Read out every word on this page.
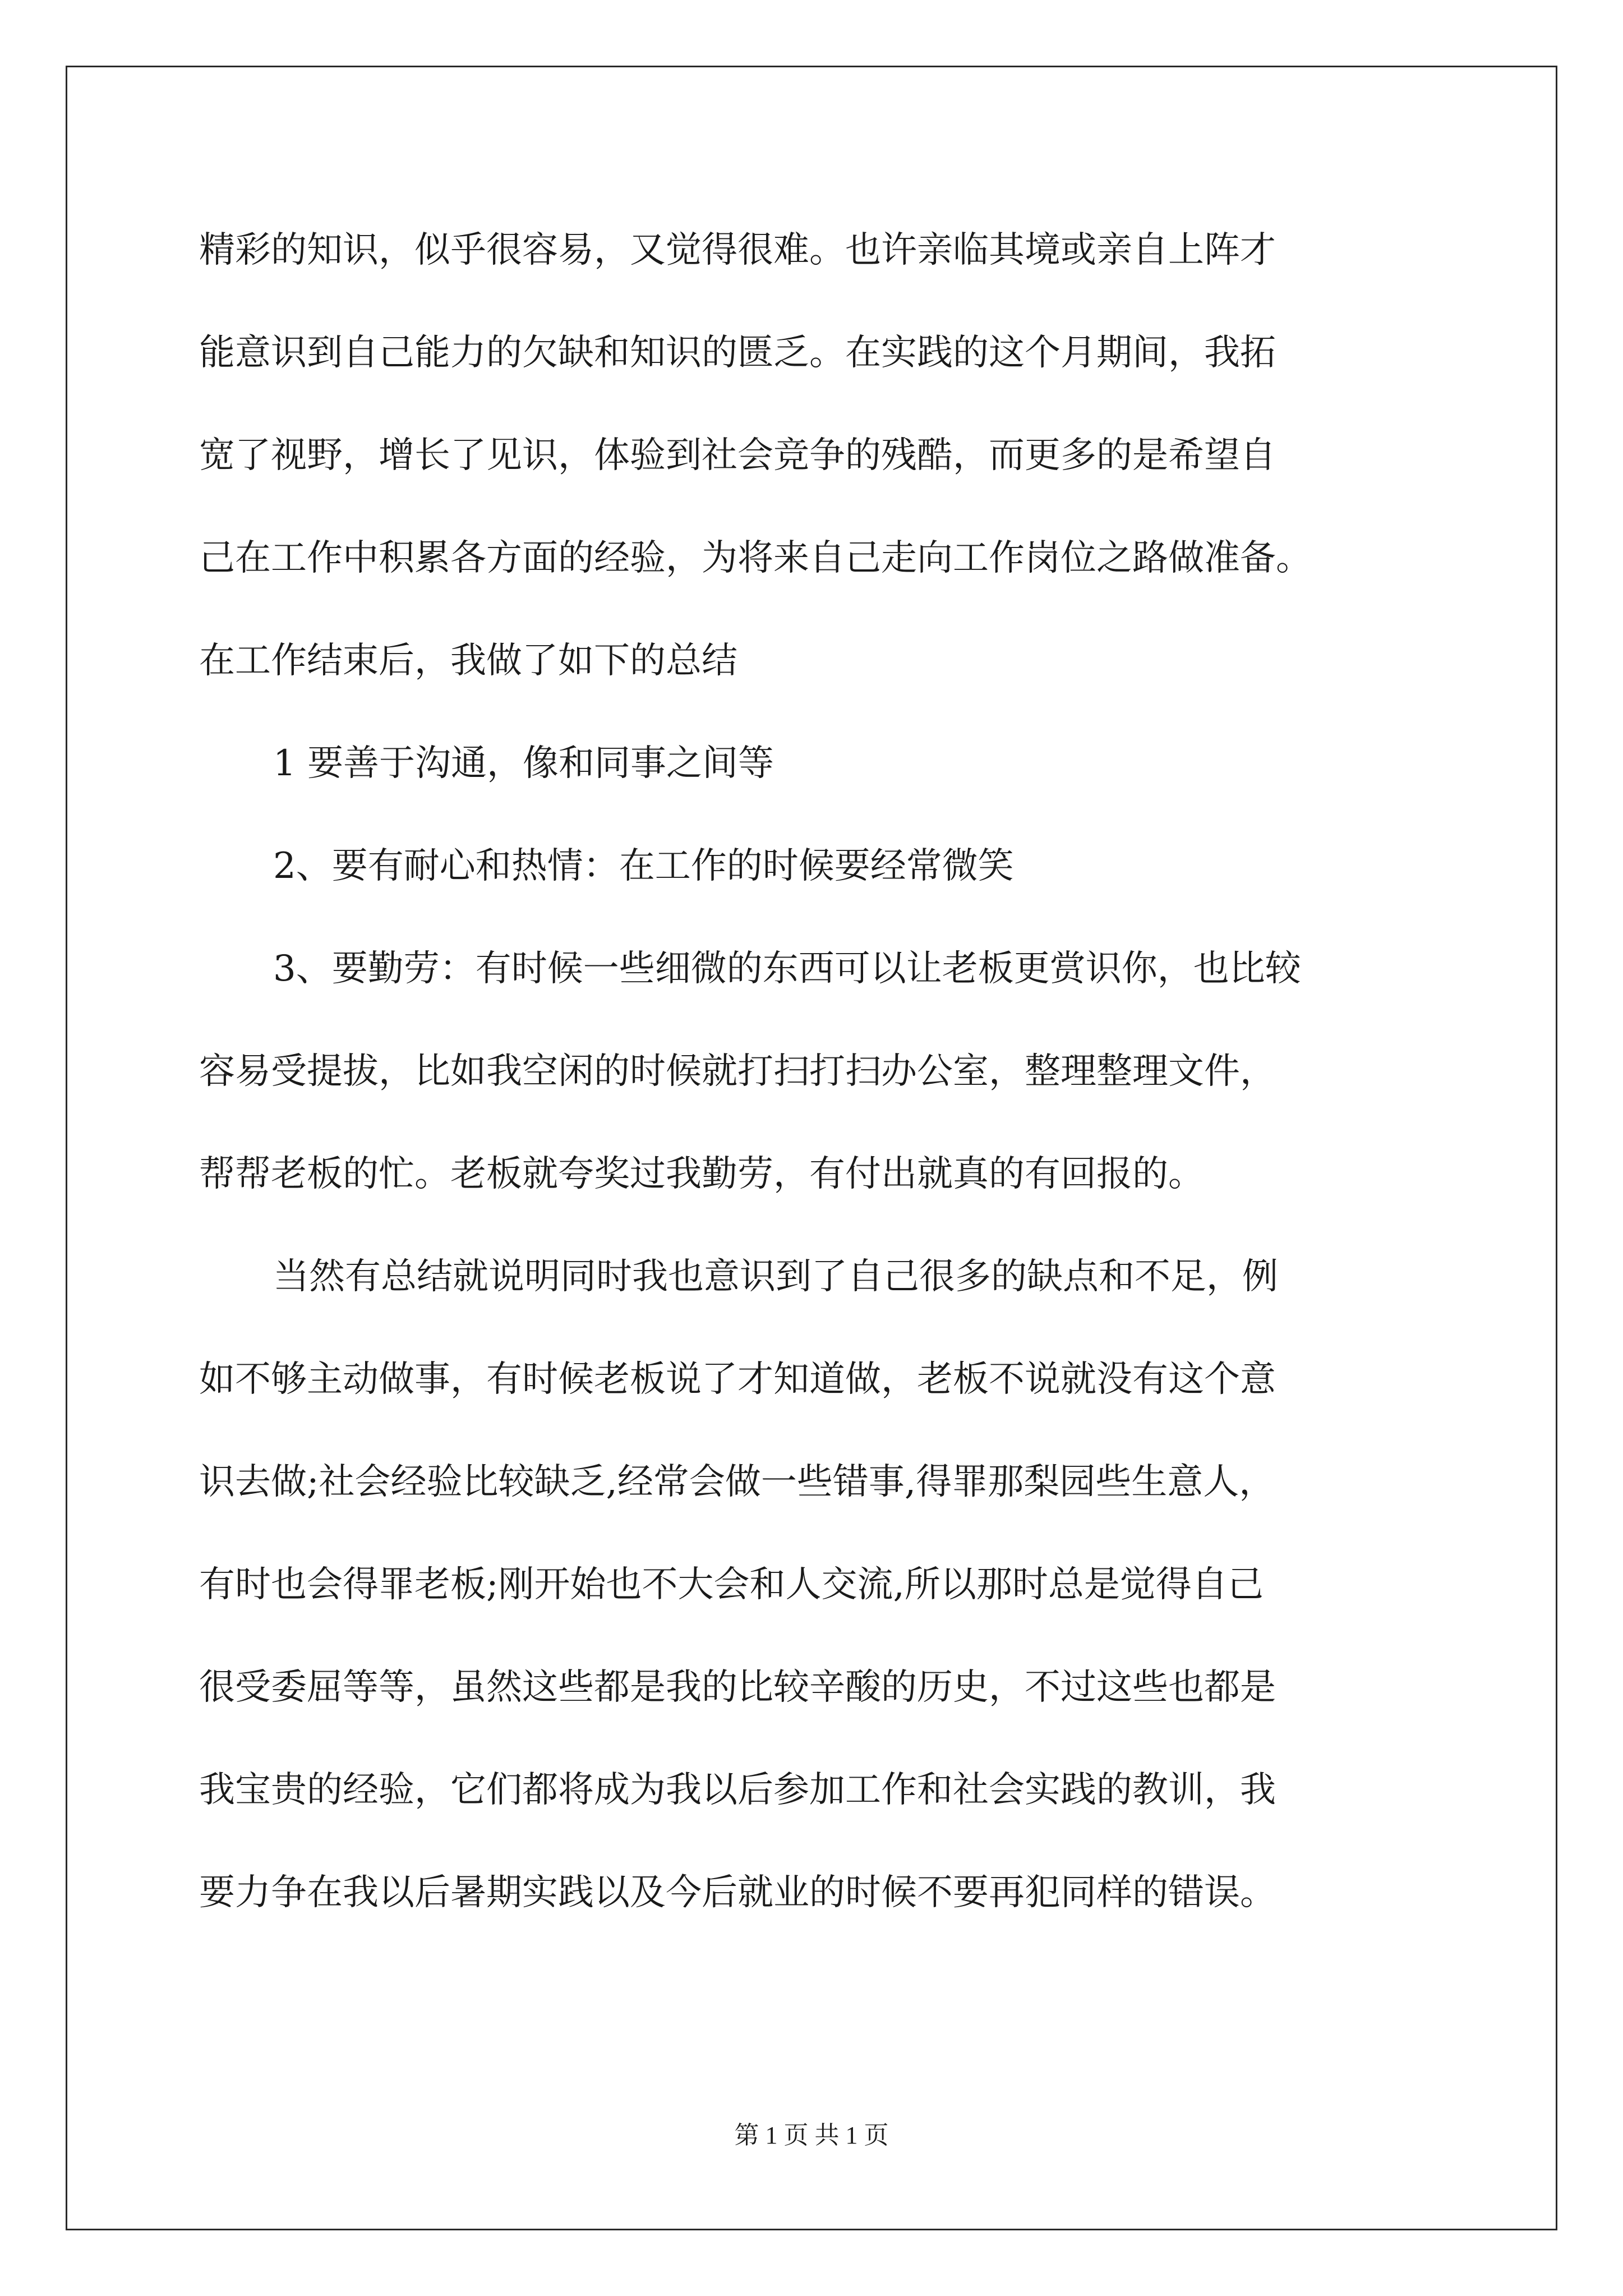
精彩的知识，似乎很容易，又觉得很难。也许亲临其境或亲自上阵才
能意识到自己能力的欠缺和知识的匮乏。在实践的这个月期间，我拓
宽了视野，增长了见识，体验到社会竞争的残酷，而更多的是希望自
己在工作中积累各方面的经验，为将来自己走向工作岗位之路做准备。
在工作结束后，我做了如下的总结
1 要善于沟通，像和同事之间等
2、要有耐心和热情：在工作的时候要经常微笑
3、要勤劳：有时候一些细微的东西可以让老板更赏识你，也比较
容易受提拔，比如我空闲的时候就打扫打扫办公室，整理整理文件，
帮帮老板的忙。老板就夸奖过我勤劳，有付出就真的有回报的。
当然有总结就说明同时我也意识到了自己很多的缺点和不足，例
如不够主动做事，有时候老板说了才知道做，老板不说就没有这个意
识去做;社会经验比较缺乏,经常会做一些错事,得罪那梨园些生意人，
有时也会得罪老板;刚开始也不大会和人交流,所以那时总是觉得自己
很受委屈等等，虽然这些都是我的比较辛酸的历史，不过这些也都是
我宝贵的经验，它们都将成为我以后参加工作和社会实践的教训，我
要力争在我以后暑期实践以及今后就业的时候不要再犯同样的错误。
第 1 页 共 1 页
